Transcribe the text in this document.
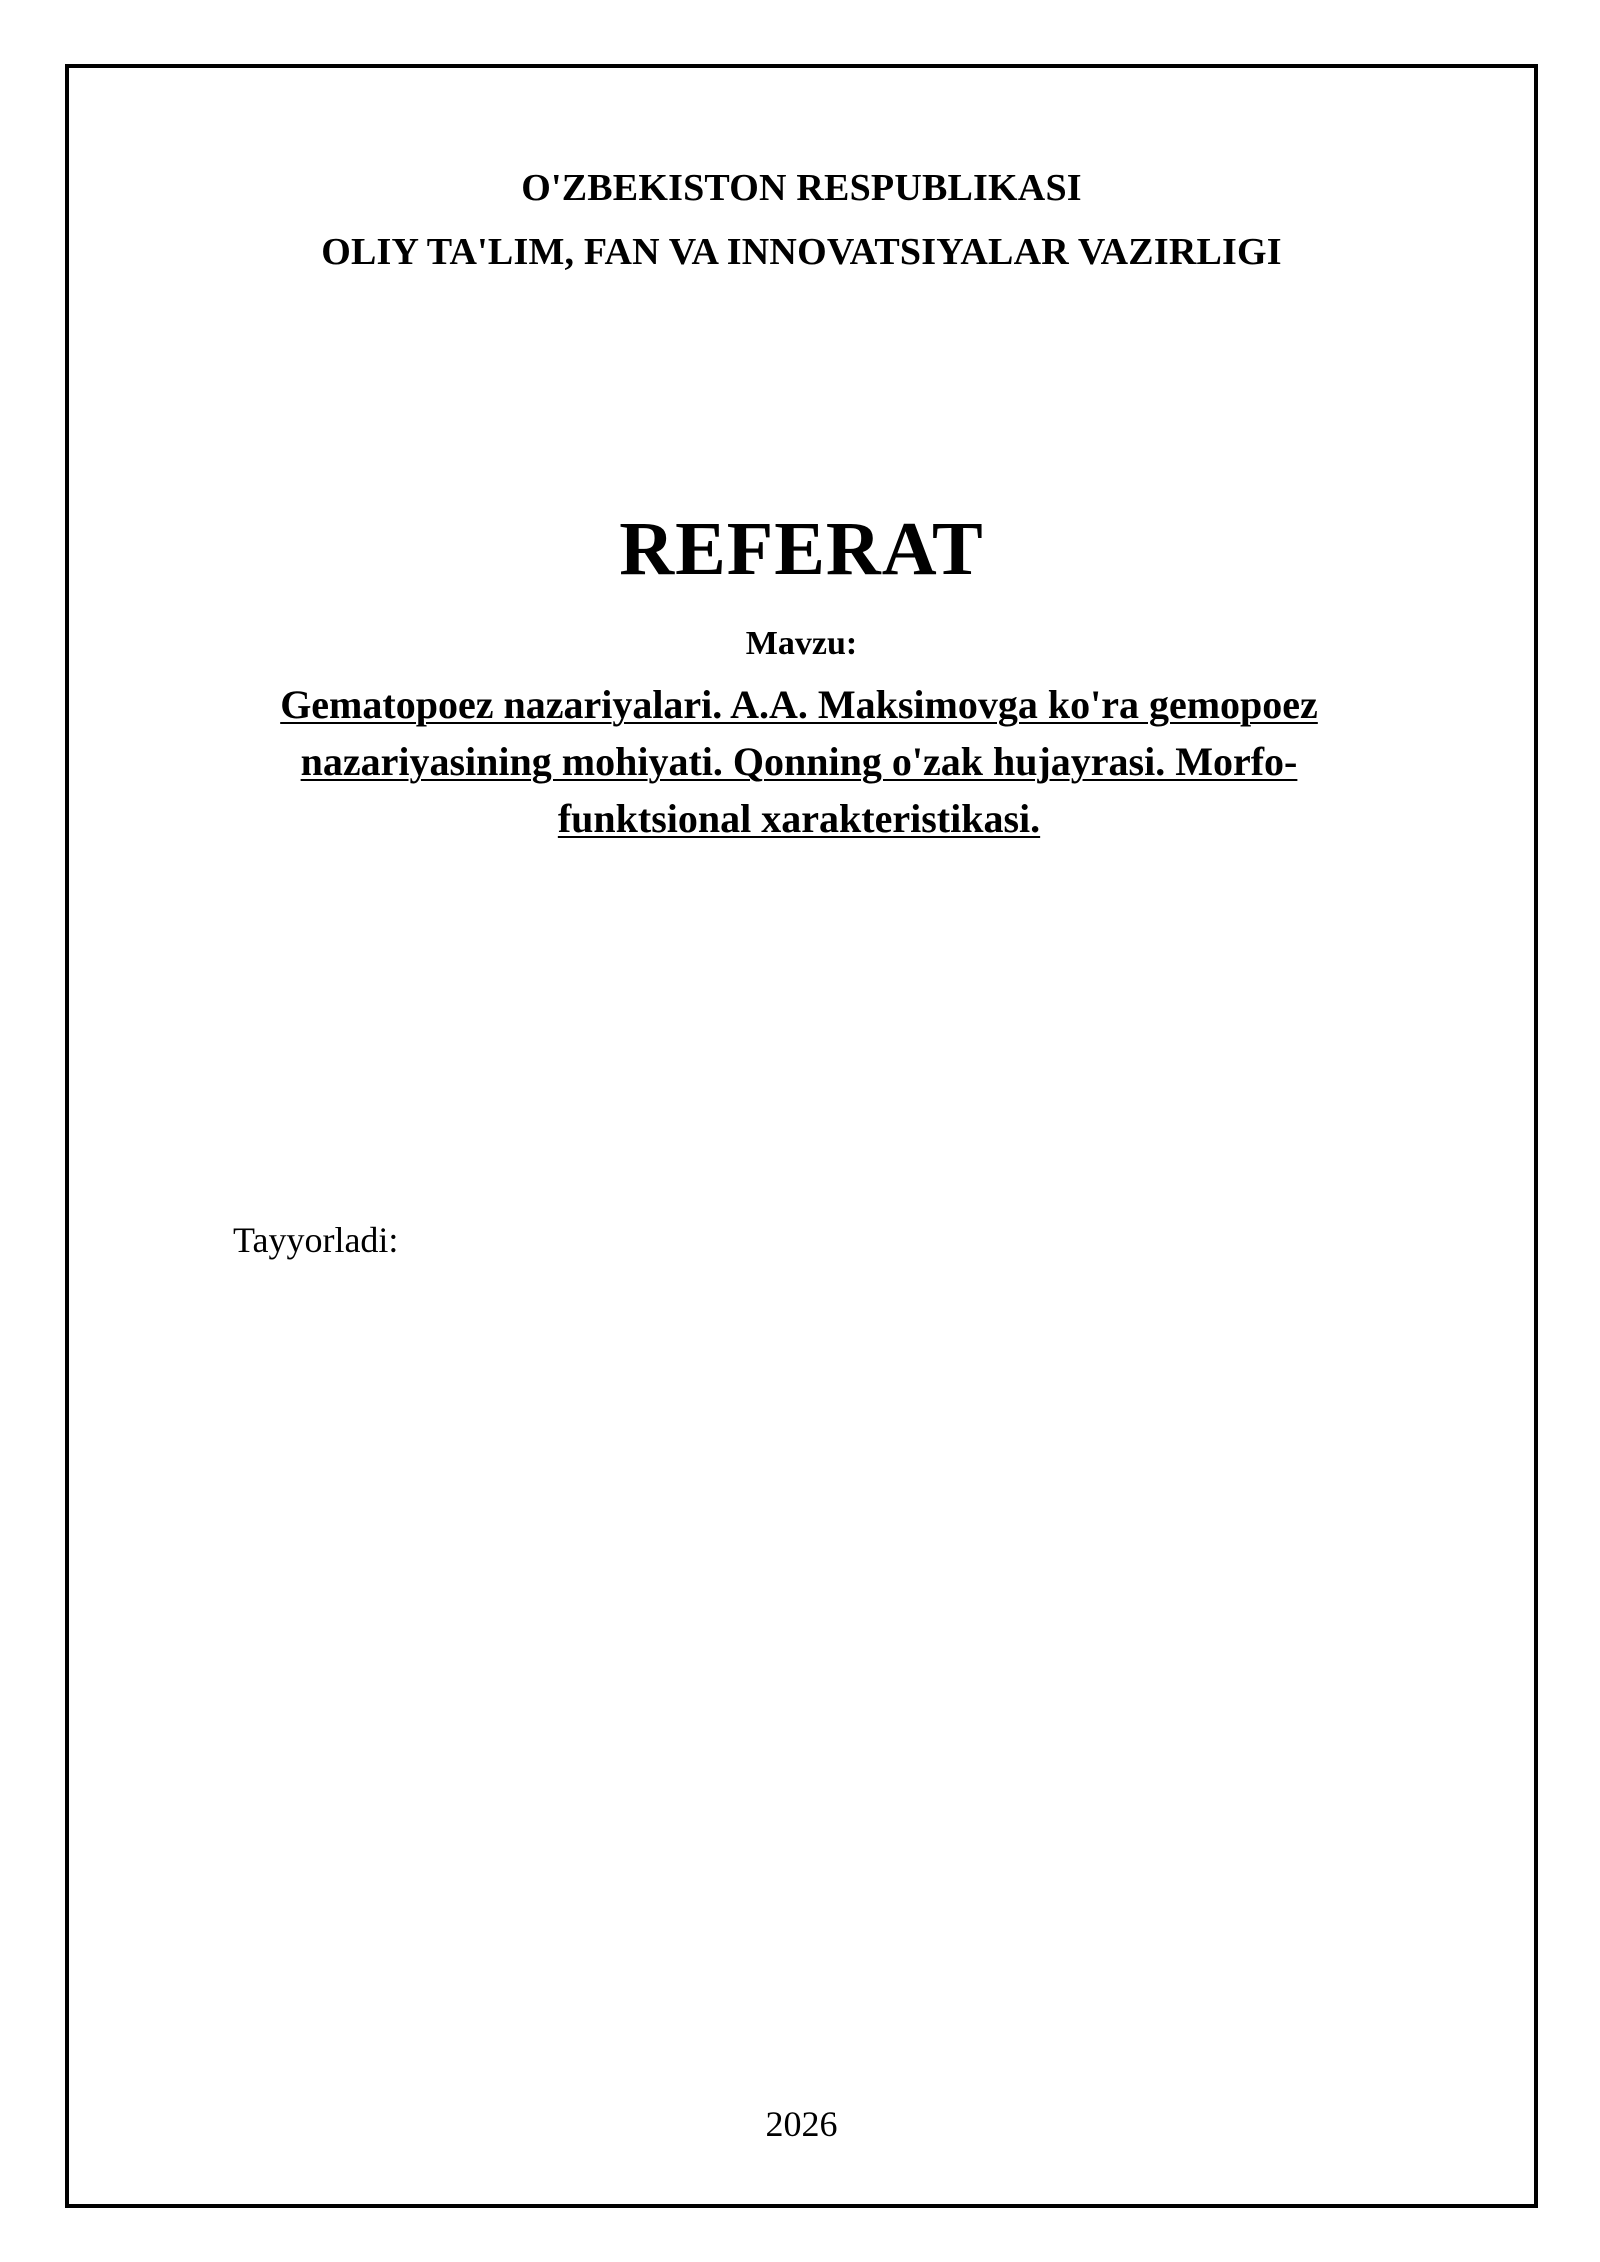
O'ZBEKISTON RESPUBLIKASI
OLIY TA'LIM, FAN VA INNOVATSIYALAR VAZIRLIGI
REFERAT
Mavzu:
Gematopoez nazariyalari. A.A. Maksimovga ko'ra gemopoez nazariyasining mohiyati. Qonning o'zak hujayrasi. Morfo-funktsional xarakteristikasi.
Tayyorladi:
2026
